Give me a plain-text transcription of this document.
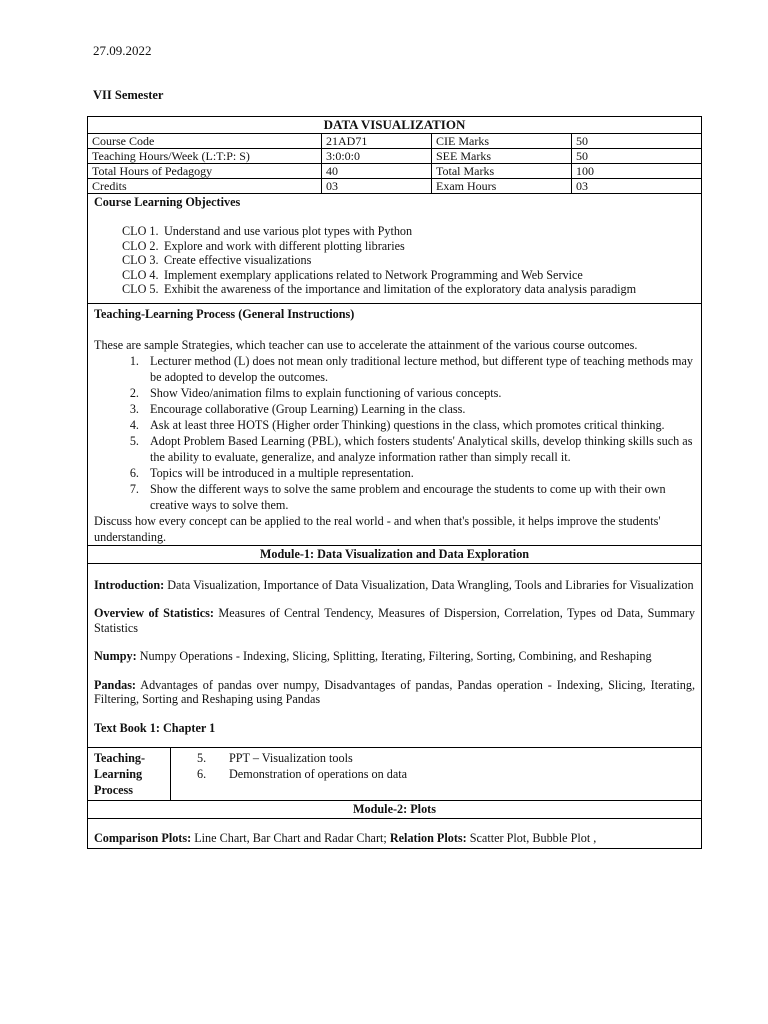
27.09.2022
VII Semester
DATA VISUALIZATION
Course Code	21AD71	CIE Marks	50
Teaching Hours/Week (L:T:P: S)	3:0:0:0	SEE Marks	50
Total Hours of Pedagogy	40	Total Marks	100
Credits	03	Exam Hours	03
Course Learning Objectives
CLO 1. Understand and use various plot types with Python
CLO 2. Explore and work with different plotting libraries
CLO 3. Create effective visualizations
CLO 4. Implement exemplary applications related to Network Programming and Web Service
CLO 5. Exhibit the awareness of the importance and limitation of the exploratory data analysis paradigm
Teaching-Learning Process (General Instructions)
These are sample Strategies, which teacher can use to accelerate the attainment of the various course outcomes.
1. Lecturer method (L) does not mean only traditional lecture method, but different type of teaching methods may be adopted to develop the outcomes.
2. Show Video/animation films to explain functioning of various concepts.
3. Encourage collaborative (Group Learning) Learning in the class.
4. Ask at least three HOTS (Higher order Thinking) questions in the class, which promotes critical thinking.
5. Adopt Problem Based Learning (PBL), which fosters students' Analytical skills, develop thinking skills such as the ability to evaluate, generalize, and analyze information rather than simply recall it.
6. Topics will be introduced in a multiple representation.
7. Show the different ways to solve the same problem and encourage the students to come up with their own creative ways to solve them.
Discuss how every concept can be applied to the real world - and when that's possible, it helps improve the students' understanding.
Module-1: Data Visualization and Data Exploration

Introduction: Data Visualization, Importance of Data Visualization, Data Wrangling, Tools and Libraries for Visualization

Overview of Statistics: Measures of Central Tendency, Measures of Dispersion, Correlation, Types od Data, Summary Statistics

Numpy: Numpy Operations - Indexing, Slicing, Splitting, Iterating, Filtering, Sorting, Combining, and Reshaping

Pandas: Advantages of pandas over numpy, Disadvantages of pandas, Pandas operation - Indexing, Slicing, Iterating, Filtering, Sorting and Reshaping using Pandas

Text Book 1: Chapter 1

Teaching-Learning Process
5.	PPT – Visualization tools
6.	Demonstration of operations on data
Module-2: Plots
Comparison Plots: Line Chart, Bar Chart and Radar Chart; Relation Plots: Scatter Plot, Bubble Plot ,
